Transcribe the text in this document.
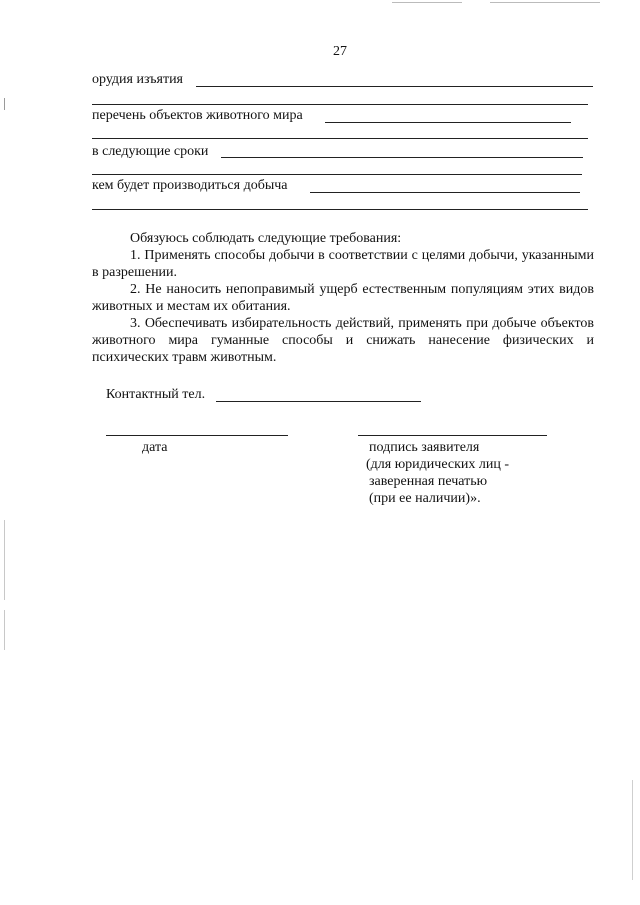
27
орудия изъятия
перечень объектов животного мира
в следующие сроки
кем будет производиться добыча
Обязуюсь соблюдать следующие требования:
1. Применять способы добычи в соответствии с целями добычи, указанными в разрешении.
2. Не наносить непоправимый ущерб естественным популяциям этих видов животных и местам их обитания.
3. Обеспечивать избирательность действий, применять при добыче объектов животного мира гуманные способы и снижать нанесение физических и психических травм животным.
Контактный тел.
дата	подпись заявителя
(для юридических лиц -
заверенная печатью
(при ее наличии)».
